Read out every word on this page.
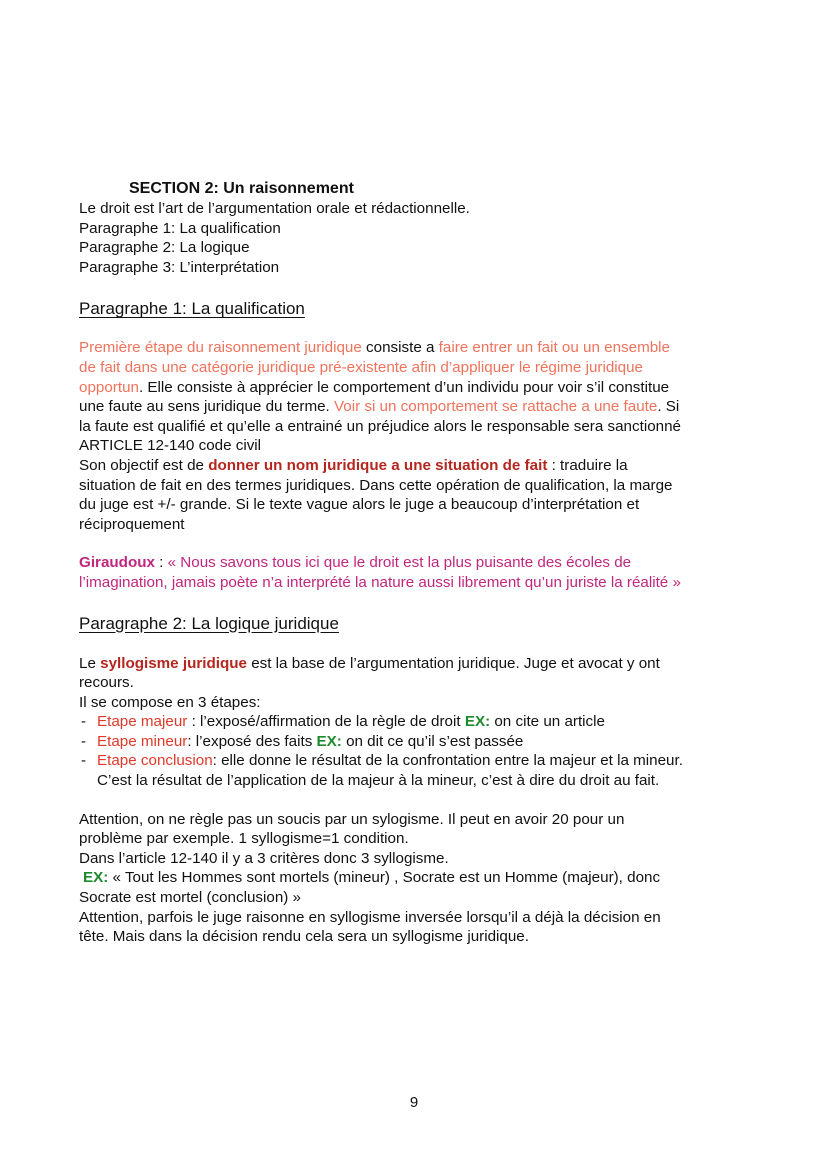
SECTION 2: Un raisonnement
Le droit est l’art de l’argumentation orale et rédactionnelle.
Paragraphe 1: La qualification
Paragraphe 2: La logique
Paragraphe 3: L’interprétation
Paragraphe 1: La qualification
Première étape du raisonnement juridique consiste a faire entrer un fait ou un ensemble
de fait dans une catégorie juridique pré-existente afin d’appliquer le régime juridique
opportun. Elle consiste à apprécier le comportement d’un individu pour voir s’il constitue
une faute au sens juridique du terme. Voir si un comportement se rattache a une faute. Si
la faute est qualifié et qu’elle a entrainé un préjudice alors le responsable sera sanctionné
ARTICLE 12-140 code civil
Son objectif est de donner un nom juridique a une situation de fait : traduire la
situation de fait en des termes juridiques. Dans cette opération de qualification, la marge
du juge est +/- grande. Si le texte vague alors le juge a beaucoup d’interprétation et
réciproquement
Giraudoux : « Nous savons tous ici que le droit est la plus puisante des écoles de
l’imagination, jamais poète n’a interprété la nature aussi librement qu’un juriste la réalité »
Paragraphe 2: La logique juridique
Le syllogisme juridique est la base de l’argumentation juridique. Juge et avocat y ont
recours.
Il se compose en 3 étapes:
- Etape majeur : l’exposé/affirmation de la règle de droit EX: on cite un article
- Etape mineur: l’exposé des faits EX: on dit ce qu’il s’est passée
- Etape conclusion: elle donne le résultat de la confrontation entre la majeur et la mineur.
C’est la résultat de l’application de la majeur à la mineur, c’est à dire du droit au fait.
Attention, on ne règle pas un soucis par un sylogisme. Il peut en avoir 20 pour un
problème par exemple. 1 syllogisme=1 condition.
Dans l’article 12-140 il y a 3 critères donc 3 syllogisme.
EX: « Tout les Hommes sont mortels (mineur) , Socrate est un Homme (majeur), donc
Socrate est mortel (conclusion) »
Attention, parfois le juge raisonne en syllogisme inversée lorsqu’il a déjà la décision en
tête. Mais dans la décision rendu cela sera un syllogisme juridique.
9
